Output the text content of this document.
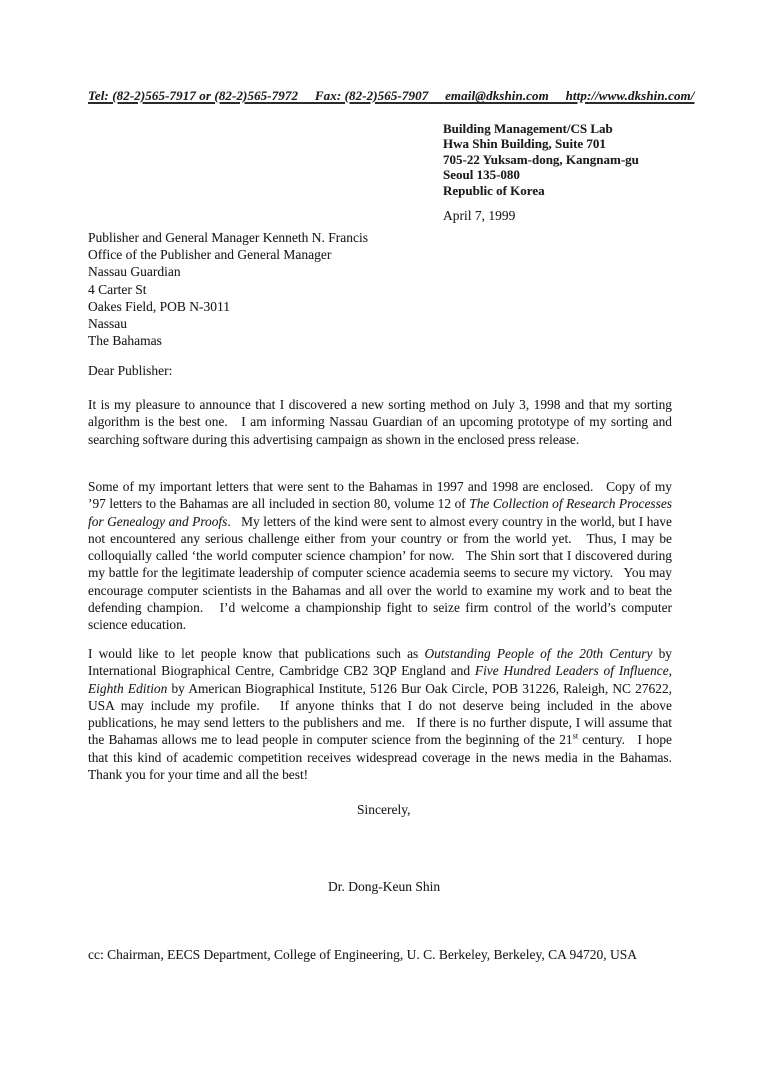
Tel: (82-2)565-7917 or (82-2)565-7972     Fax: (82-2)565-7907     email@dkshin.com     http://www.dkshin.com/
Building Management/CS Lab
Hwa Shin Building, Suite 701
705-22 Yuksam-dong, Kangnam-gu
Seoul 135-080
Republic of Korea
April 7, 1999
Publisher and General Manager Kenneth N. Francis
Office of the Publisher and General Manager
Nassau Guardian
4 Carter St
Oakes Field, POB N-3011
Nassau
The Bahamas
Dear Publisher:
It is my pleasure to announce that I discovered a new sorting method on July 3, 1998 and that my sorting algorithm is the best one.   I am informing Nassau Guardian of an upcoming prototype of my sorting and searching software during this advertising campaign as shown in the enclosed press release.
Some of my important letters that were sent to the Bahamas in 1997 and 1998 are enclosed.   Copy of my ’97 letters to the Bahamas are all included in section 80, volume 12 of The Collection of Research Processes for Genealogy and Proofs.   My letters of the kind were sent to almost every country in the world, but I have not encountered any serious challenge either from your country or from the world yet.   Thus, I may be colloquially called ‘the world computer science champion’ for now.   The Shin sort that I discovered during my battle for the legitimate leadership of computer science academia seems to secure my victory.   You may encourage computer scientists in the Bahamas and all over the world to examine my work and to beat the defending champion.   I’d welcome a championship fight to seize firm control of the world’s computer science education.
I would like to let people know that publications such as Outstanding People of the 20th Century by International Biographical Centre, Cambridge CB2 3QP England and Five Hundred Leaders of Influence, Eighth Edition by American Biographical Institute, 5126 Bur Oak Circle, POB 31226, Raleigh, NC 27622, USA may include my profile.   If anyone thinks that I do not deserve being included in the above publications, he may send letters to the publishers and me.   If there is no further dispute, I will assume that the Bahamas allows me to lead people in computer science from the beginning of the 21st century.   I hope that this kind of academic competition receives widespread coverage in the news media in the Bahamas.    Thank you for your time and all the best!
Sincerely,
Dr. Dong-Keun Shin
cc: Chairman, EECS Department, College of Engineering, U. C. Berkeley, Berkeley, CA 94720, USA
